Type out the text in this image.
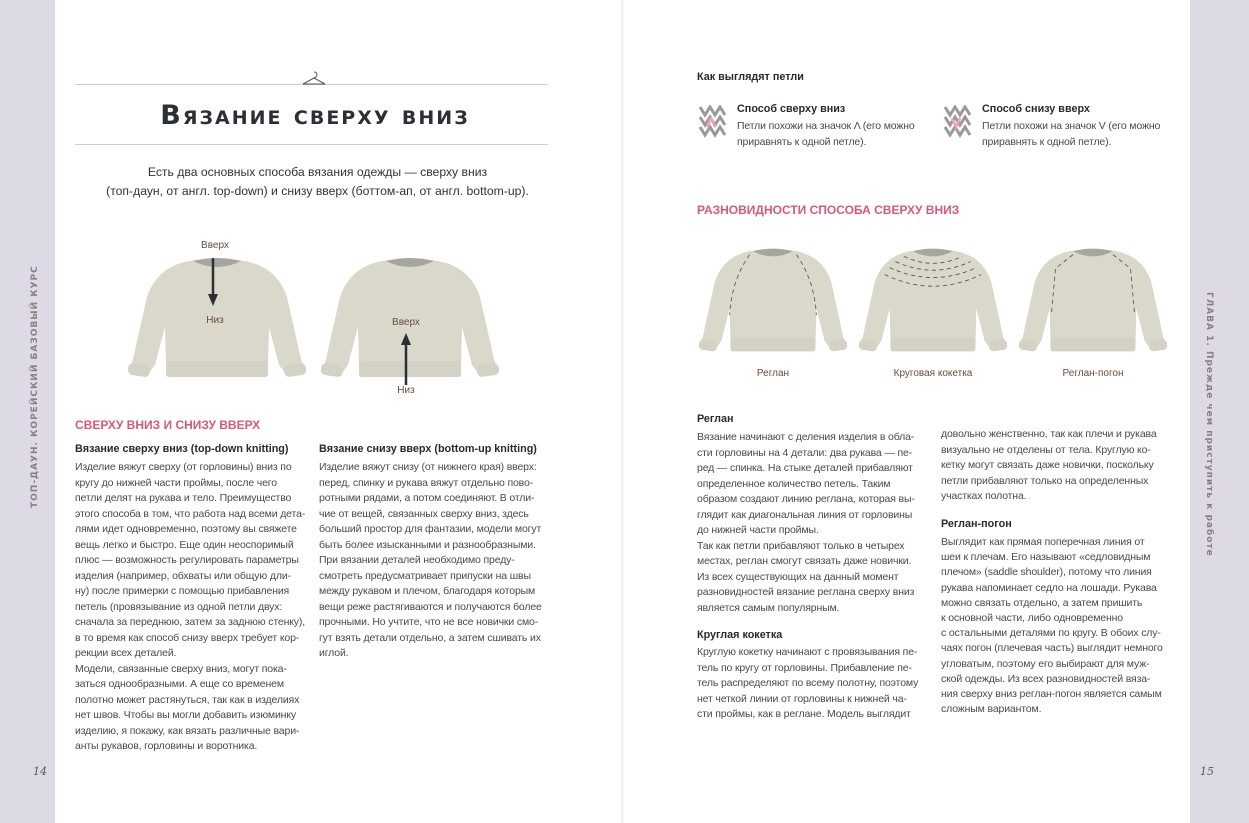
ТОП-ДАУН. КОРЕЙСКИЙ БАЗОВЫЙ КУРС	ГЛАВА 1. Прежде чем приступить к работе
Вязание сверху вниз
Есть два основных способа вязания одежды — сверху вниз
(топ-даун, от англ. top-down) и снизу вверх (боттом-ап, от англ. bottom-up).
Вверх
Низ	Вверх
Низ
СВЕРХУ ВНИЗ И СНИЗУ ВВЕРХ
Вязание сверху вниз (top-down knitting)
Изделие вяжут сверху (от горловины) вниз по
кругу до нижней части проймы, после чего
петли делят на рукава и тело. Преимущество
этого способа в том, что работа над всеми дета-
лями идет одновременно, поэтому вы свяжете
вещь легко и быстро. Еще один неоспоримый
плюс — возможность регулировать параметры
изделия (например, обхваты или общую дли-
ну) после примерки с помощью прибавления
петель (провязывание из одной петли двух:
сначала за переднюю, затем за заднюю стенку),
в то время как способ снизу вверх требует кор-
рекции всех деталей.
Модели, связанные сверху вниз, могут пока-
заться однообразными. А еще со временем
полотно может растянуться, так как в изделиях
нет швов. Чтобы вы могли добавить изюминку
изделию, я покажу, как вязать различные вари-
анты рукавов, горловины и воротника.
Вязание снизу вверх (bottom-up knitting)
Изделие вяжут снизу (от нижнего края) вверх:
перед, спинку и рукава вяжут отдельно пово-
ротными рядами, а потом соединяют. В отли-
чие от вещей, связанных сверху вниз, здесь
больший простор для фантазии, модели могут
быть более изысканными и разнообразными.
При вязании деталей необходимо преду-
смотреть предусматривает припуски на швы
между рукавом и плечом, благодаря которым
вещи реже растягиваются и получаются более
прочными. Но учтите, что не все новички смо-
гут взять детали отдельно, а затем сшивать их
иглой.
14
Как выглядят петли
Способ сверху вниз
Петли похожи на значок Λ (его можно
приравнять к одной петле).
Способ снизу вверх
Петли похожи на значок V (его можно
приравнять к одной петле).
РАЗНОВИДНОСТИ СПОСОБА СВЕРХУ ВНИЗ
Реглан	Круговая кокетка	Реглан-погон
Реглан
Вязание начинают с деления изделия в обла-
сти горловины на 4 детали: два рукава — пе-
ред — спинка. На стыке деталей прибавляют
определенное количество петель. Таким
образом создают линию реглана, которая вы-
глядит как диагональная линия от горловины
до нижней части проймы.
Так как петли прибавляют только в четырех
местах, реглан смогут связать даже новички.
Из всех существующих на данный момент
разновидностей вязание реглана сверху вниз
является самым популярным.
Круглая кокетка
Круглую кокетку начинают с провязывания пе-
тель по кругу от горловины. Прибавление пе-
тель распределяют по всему полотну, поэтому
нет четкой линии от горловины к нижней ча-
сти проймы, как в реглане. Модель выглядит
довольно женственно, так как плечи и рукава
визуально не отделены от тела. Круглую ко-
кетку могут связать даже новички, поскольку
петли прибавляют только на определенных
участках полотна.
Реглан-погон
Выглядит как прямая поперечная линия от
шеи к плечам. Его называют «седловидным
плечом» (saddle shoulder), потому что линия
рукава напоминает седло на лошади. Рукава
можно связать отдельно, а затем пришить
к основной части, либо одновременно
с остальными деталями по кругу. В обоих слу-
чаях погон (плечевая часть) выглядит немного
угловатым, поэтому его выбирают для муж-
ской одежды. Из всех разновидностей вяза-
ния сверху вниз реглан-погон является самым
сложным вариантом.
15
